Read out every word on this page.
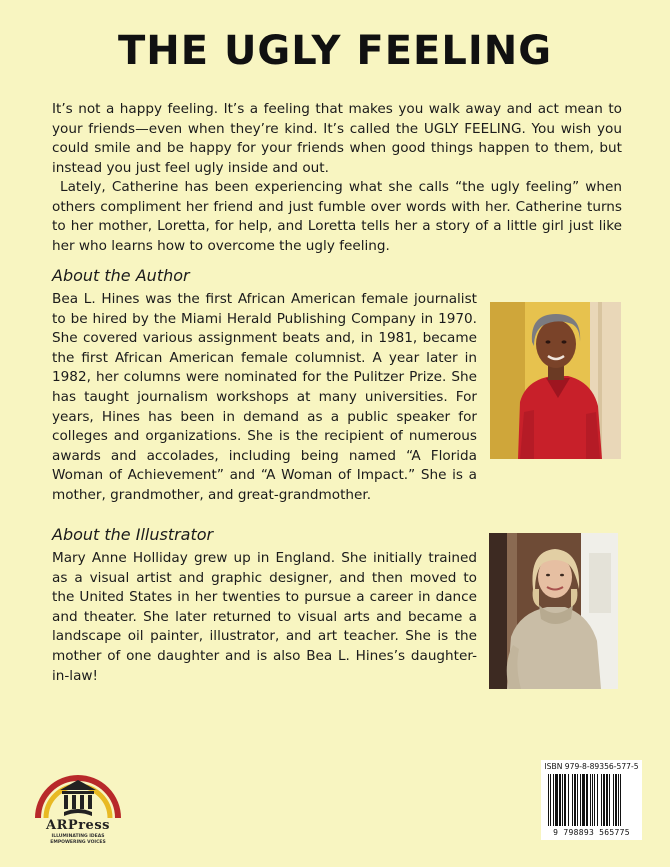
THE UGLY FEELING

It’s not a happy feeling. It’s a feeling that makes you walk away and act mean to your friends—even when they’re kind. It’s called the UGLY FEELING. You wish you could smile and be happy for your friends when good things happen to them, but instead you just feel ugly inside and out.

Lately, Catherine has been experiencing what she calls “the ugly feeling” when others compliment her friend and just fumble over words with her. Catherine turns to her mother, Loretta, for help, and Loretta tells her a story of a little girl just like her who learns how to overcome the ugly feeling.

About the Author

Bea L. Hines was the first African American female journalist to be hired by the Miami Herald Publishing Company in 1970. She covered various assignment beats and, in 1981, became the first African American female columnist. A year later in 1982, her columns were nominated for the Pulitzer Prize. She has taught journalism workshops at many universities. For years, Hines has been in demand as a public speaker for colleges and organizations. She is the recipient of numerous awards and accolades, including being named “A Florida Woman of Achievement” and “A Woman of Impact.” She is a mother, grandmother, and great-grandmother.

About the Illustrator

Mary Anne Holliday grew up in England. She initially trained as a visual artist and graphic designer, and then moved to the United States in her twenties to pursue a career in dance and theater. She later returned to visual arts and became a landscape oil painter, illustrator, and art teacher. She is the mother of one daughter and is also Bea L. Hines’s daughter-in-law!

ARPress
ILLUMINATING IDEAS
EMPOWERING VOICES
ISBN 979-8-89356-577-5
9 798893 565775
